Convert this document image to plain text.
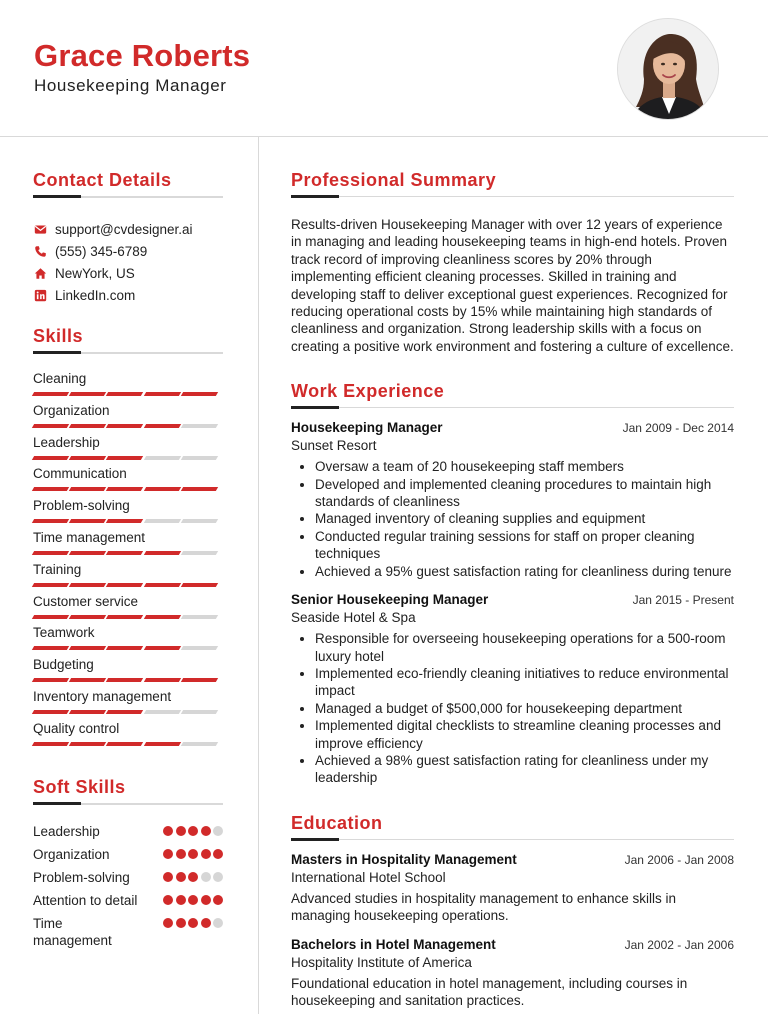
Grace Roberts
Housekeeping Manager
Contact Details
support@cvdesigner.ai
(555) 345-6789
NewYork, US
LinkedIn.com
Skills
Cleaning
Organization
Leadership
Communication
Problem-solving
Time management
Training
Customer service
Teamwork
Budgeting
Inventory management
Quality control
Soft Skills
Leadership
Organization
Problem-solving
Attention to detail
Time management
Professional Summary
Results-driven Housekeeping Manager with over 12 years of experience in managing and leading housekeeping teams in high-end hotels. Proven track record of improving cleanliness scores by 20% through implementing efficient cleaning processes. Skilled in training and developing staff to deliver exceptional guest experiences. Recognized for reducing operational costs by 15% while maintaining high standards of cleanliness and organization. Strong leadership skills with a focus on creating a positive work environment and fostering a culture of excellence.
Work Experience
Housekeeping Manager	Jan 2009 - Dec 2014
Sunset Resort
• Oversaw a team of 20 housekeeping staff members
• Developed and implemented cleaning procedures to maintain high standards of cleanliness
• Managed inventory of cleaning supplies and equipment
• Conducted regular training sessions for staff on proper cleaning techniques
• Achieved a 95% guest satisfaction rating for cleanliness during tenure
Senior Housekeeping Manager	Jan 2015 - Present
Seaside Hotel & Spa
• Responsible for overseeing housekeeping operations for a 500-room luxury hotel
• Implemented eco-friendly cleaning initiatives to reduce environmental impact
• Managed a budget of $500,000 for housekeeping department
• Implemented digital checklists to streamline cleaning processes and improve efficiency
• Achieved a 98% guest satisfaction rating for cleanliness under my leadership
Education
Masters in Hospitality Management	Jan 2006 - Jan 2008
International Hotel School
Advanced studies in hospitality management to enhance skills in managing housekeeping operations.
Bachelors in Hotel Management	Jan 2002 - Jan 2006
Hospitality Institute of America
Foundational education in hotel management, including courses in housekeeping and sanitation practices.
